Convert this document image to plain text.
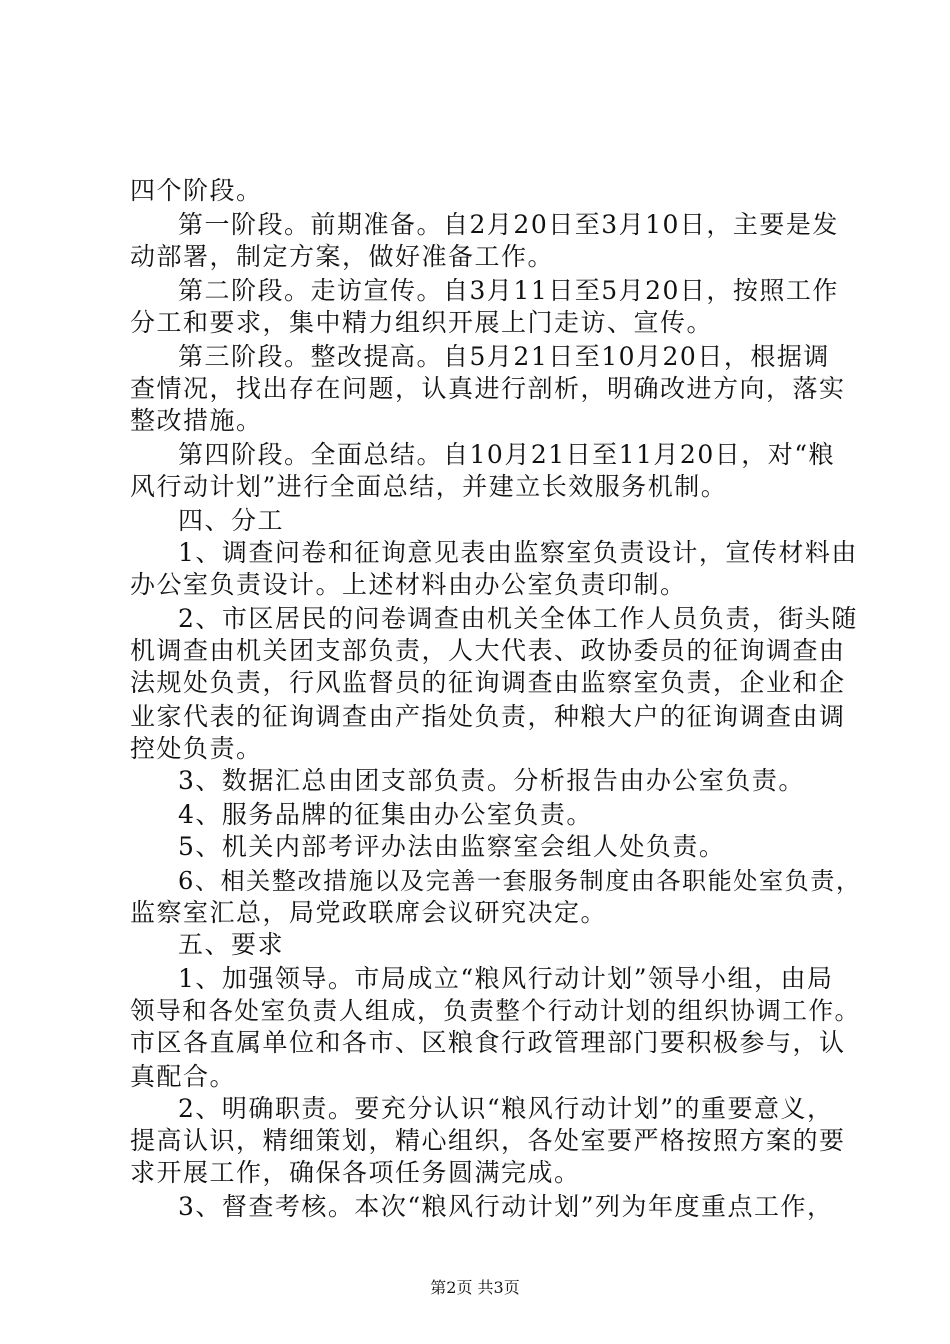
四个阶段。
第一阶段。前期准备。自2月20日至3月10日，主要是发
动部署，制定方案，做好准备工作。
第二阶段。走访宣传。自3月11日至5月20日，按照工作
分工和要求，集中精力组织开展上门走访、宣传。
第三阶段。整改提高。自5月21日至10月20日，根据调
查情况，找出存在问题，认真进行剖析，明确改进方向，落实
整改措施。
第四阶段。全面总结。自10月21日至11月20日，对“粮
风行动计划”进行全面总结，并建立长效服务机制。
四、分工
1、调查问卷和征询意见表由监察室负责设计，宣传材料由
办公室负责设计。上述材料由办公室负责印制。
2、市区居民的问卷调查由机关全体工作人员负责，街头随
机调查由机关团支部负责，人大代表、政协委员的征询调查由
法规处负责，行风监督员的征询调查由监察室负责，企业和企
业家代表的征询调查由产指处负责，种粮大户的征询调查由调
控处负责。
3、数据汇总由团支部负责。分析报告由办公室负责。
4、服务品牌的征集由办公室负责。
5、机关内部考评办法由监察室会组人处负责。
6、相关整改措施以及完善一套服务制度由各职能处室负责，
监察室汇总，局党政联席会议研究决定。
五、要求
1、加强领导。市局成立“粮风行动计划”领导小组，由局
领导和各处室负责人组成，负责整个行动计划的组织协调工作。
市区各直属单位和各市、区粮食行政管理部门要积极参与，认
真配合。
2、明确职责。要充分认识“粮风行动计划”的重要意义，
提高认识，精细策划，精心组织，各处室要严格按照方案的要
求开展工作，确保各项任务圆满完成。
3、督查考核。本次“粮风行动计划”列为年度重点工作，
第2页 共3页
